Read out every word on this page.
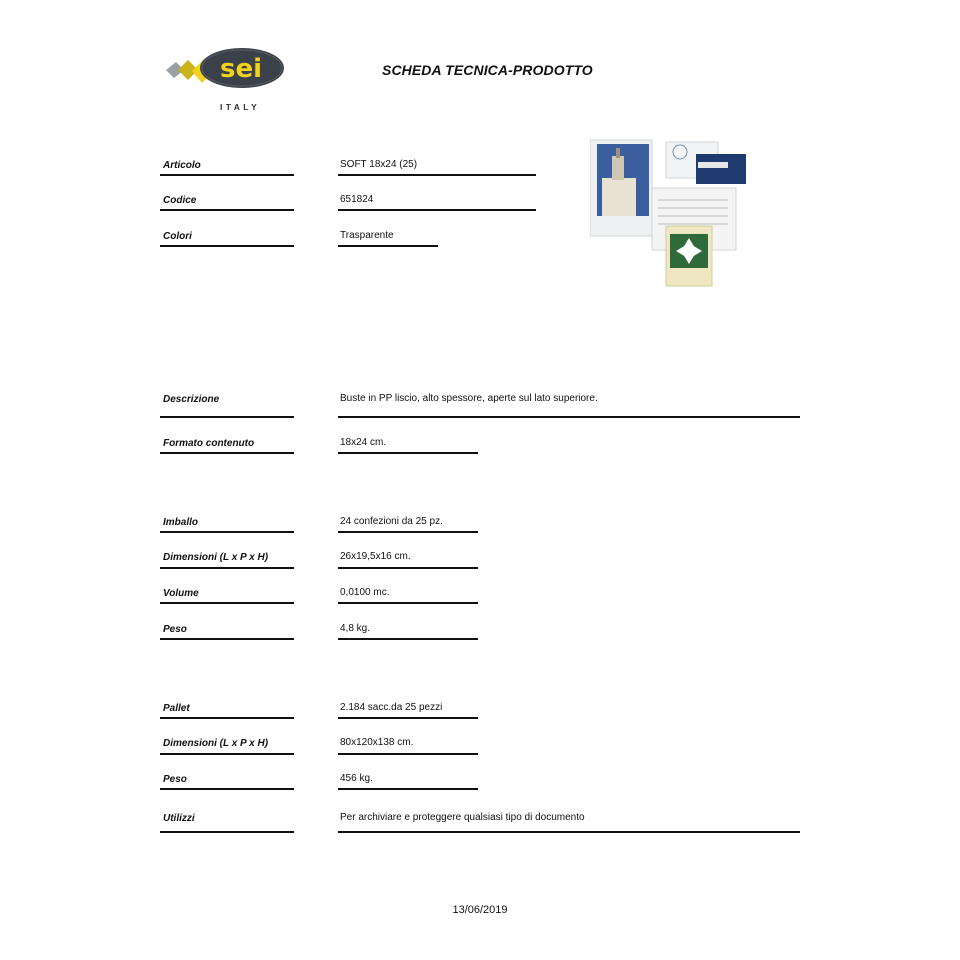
sei
ITALY
SCHEDA TECNICA-PRODOTTO
Articolo	SOFT 18x24 (25)
Codice	651824
Colori	Trasparente
Descrizione	Buste in PP liscio, alto spessore, aperte sul lato superiore.
Formato contenuto	18x24 cm.
Imballo	24 confezioni da 25 pz.
Dimensioni (L x P x H)	26x19,5x16 cm.
Volume	0,0100 mc.
Peso	4,8 kg.
Pallet	2.184 sacc.da 25 pezzi
Dimensioni (L x P x H)	80x120x138 cm.
Peso	456 kg.
Utilizzi	Per archiviare e proteggere qualsiasi tipo di documento
13/06/2019
